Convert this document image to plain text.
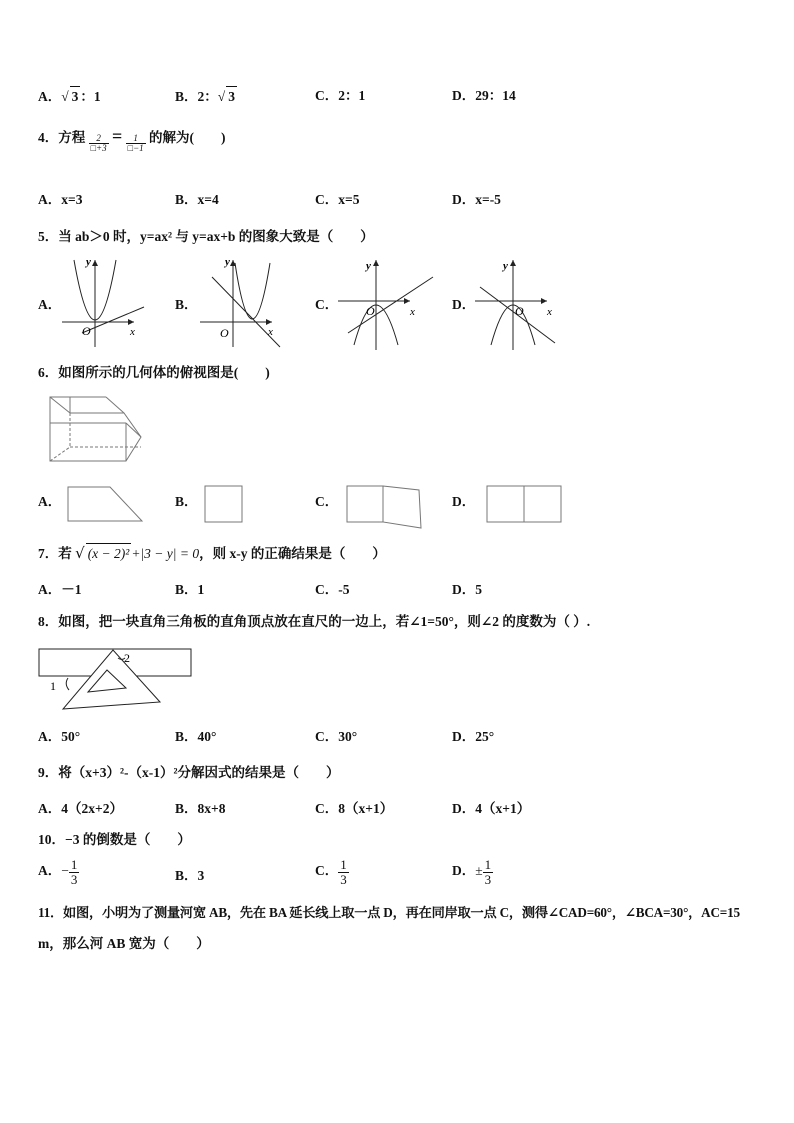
A．√ 3 ：1	B．2：√ 3	C．2：1	D．29：14
4．方程 $\frac{2}{□+3} = \frac{1}{□-1}$ 的解为(　　)
A．x=3	B．x=4	C．x=5	D．x=-5
5．当 ab＞0 时，y=ax² 与 y=ax+b 的图象大致是（　　）
A．	B．	C．	D．
y
x
O
y
x
O
y
x
O
y
x
O
6．如图所示的几何体的俯视图是(　　)
A．	B．	C．	D．
7．若 √ (x − 2)² +|3 − y| = 0，则 x-y 的正确结果是（　　）
A．－1	B．1	C．-5	D．5
8．如图，把一块直角三角板的直角顶点放在直尺的一边上，若∠1=50°，则∠2 的度数为（ ）.
1
2
A．50°	B．40°	C．30°	D．25°
9．将（x+3）²-（x-1）²分解因式的结果是（　　）
A．4（2x+2）	B．8x+8	C．8（x+1）	D．4（x+1）
10．−3 的倒数是（　　）
A．− $\frac{1}{3}$	B．3	C． $\frac{1}{3}$	D．± $\frac{1}{3}$
11．如图，小明为了测量河宽 AB，先在 BA 延长线上取一点 D，再在同岸取一点 C，测得∠CAD=60°，∠BCA=30°，AC=15
m，那么河 AB 宽为（　　）
